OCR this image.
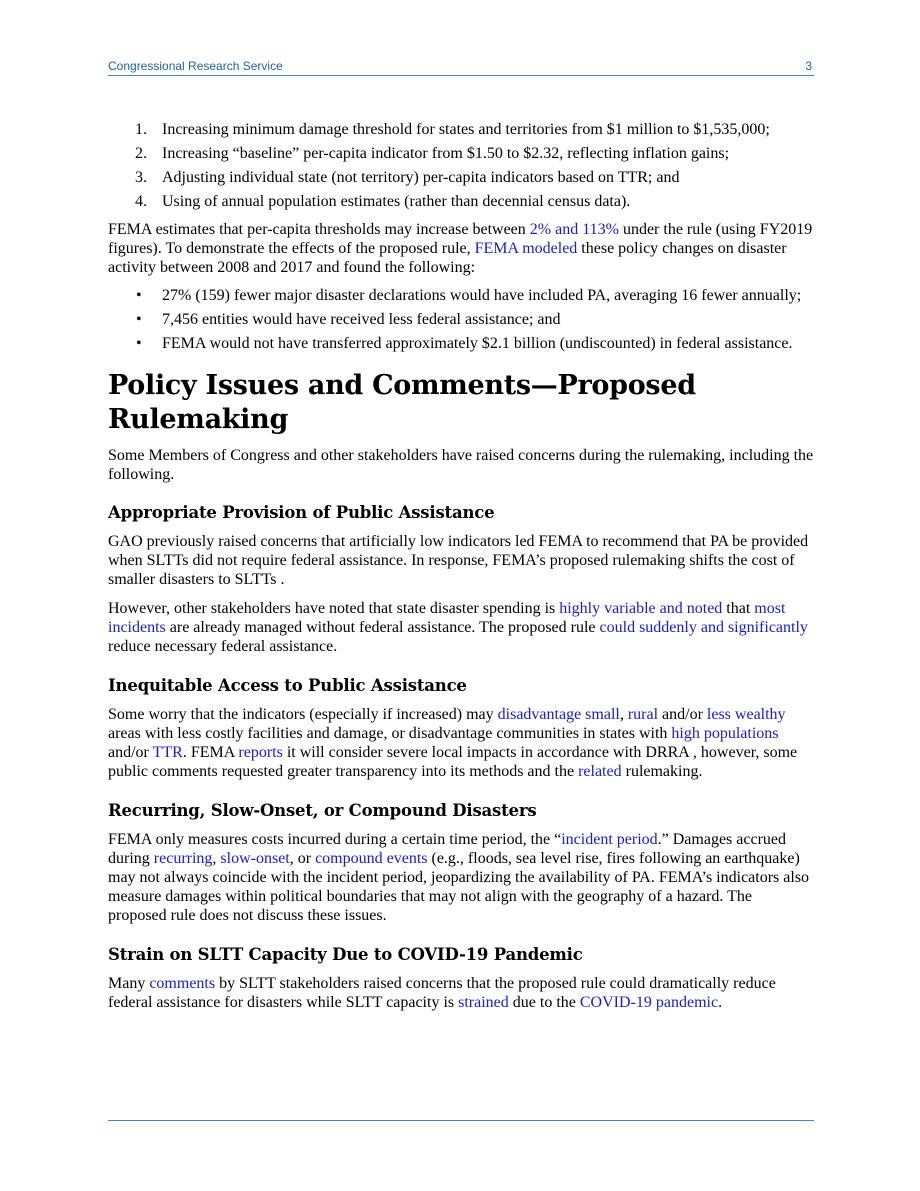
Congressional Research Service	3
1. Increasing minimum damage threshold for states and territories from $1 million to $1,535,000;
2. Increasing “baseline” per-capita indicator from $1.50 to $2.32, reflecting inflation gains;
3. Adjusting individual state (not territory) per-capita indicators based on TTR; and
4. Using of annual population estimates (rather than decennial census data).

FEMA estimates that per-capita thresholds may increase between 2% and 113% under the rule (using FY2019 figures). To demonstrate the effects of the proposed rule, FEMA modeled these policy changes on disaster activity between 2008 and 2017 and found the following:

• 27% (159) fewer major disaster declarations would have included PA, averaging 16 fewer annually;
• 7,456 entities would have received less federal assistance; and
• FEMA would not have transferred approximately $2.1 billion (undiscounted) in federal assistance.
Policy Issues and Comments—Proposed Rulemaking

Some Members of Congress and other stakeholders have raised concerns during the rulemaking, including the following.

Appropriate Provision of Public Assistance

GAO previously raised concerns that artificially low indicators led FEMA to recommend that PA be provided when SLTTs did not require federal assistance. In response, FEMA’s proposed rulemaking shifts the cost of smaller disasters to SLTTs .

However, other stakeholders have noted that state disaster spending is highly variable and noted that most incidents are already managed without federal assistance. The proposed rule could suddenly and significantly reduce necessary federal assistance.

Inequitable Access to Public Assistance

Some worry that the indicators (especially if increased) may disadvantage small, rural and/or less wealthy areas with less costly facilities and damage, or disadvantage communities in states with high populations and/or TTR. FEMA reports it will consider severe local impacts in accordance with DRRA , however, some public comments requested greater transparency into its methods and the related rulemaking.

Recurring, Slow-Onset, or Compound Disasters

FEMA only measures costs incurred during a certain time period, the “incident period.” Damages accrued during recurring, slow-onset, or compound events (e.g., floods, sea level rise, fires following an earthquake) may not always coincide with the incident period, jeopardizing the availability of PA. FEMA’s indicators also measure damages within political boundaries that may not align with the geography of a hazard. The proposed rule does not discuss these issues.

Strain on SLTT Capacity Due to COVID-19 Pandemic

Many comments by SLTT stakeholders raised concerns that the proposed rule could dramatically reduce federal assistance for disasters while SLTT capacity is strained due to the COVID-19 pandemic.
